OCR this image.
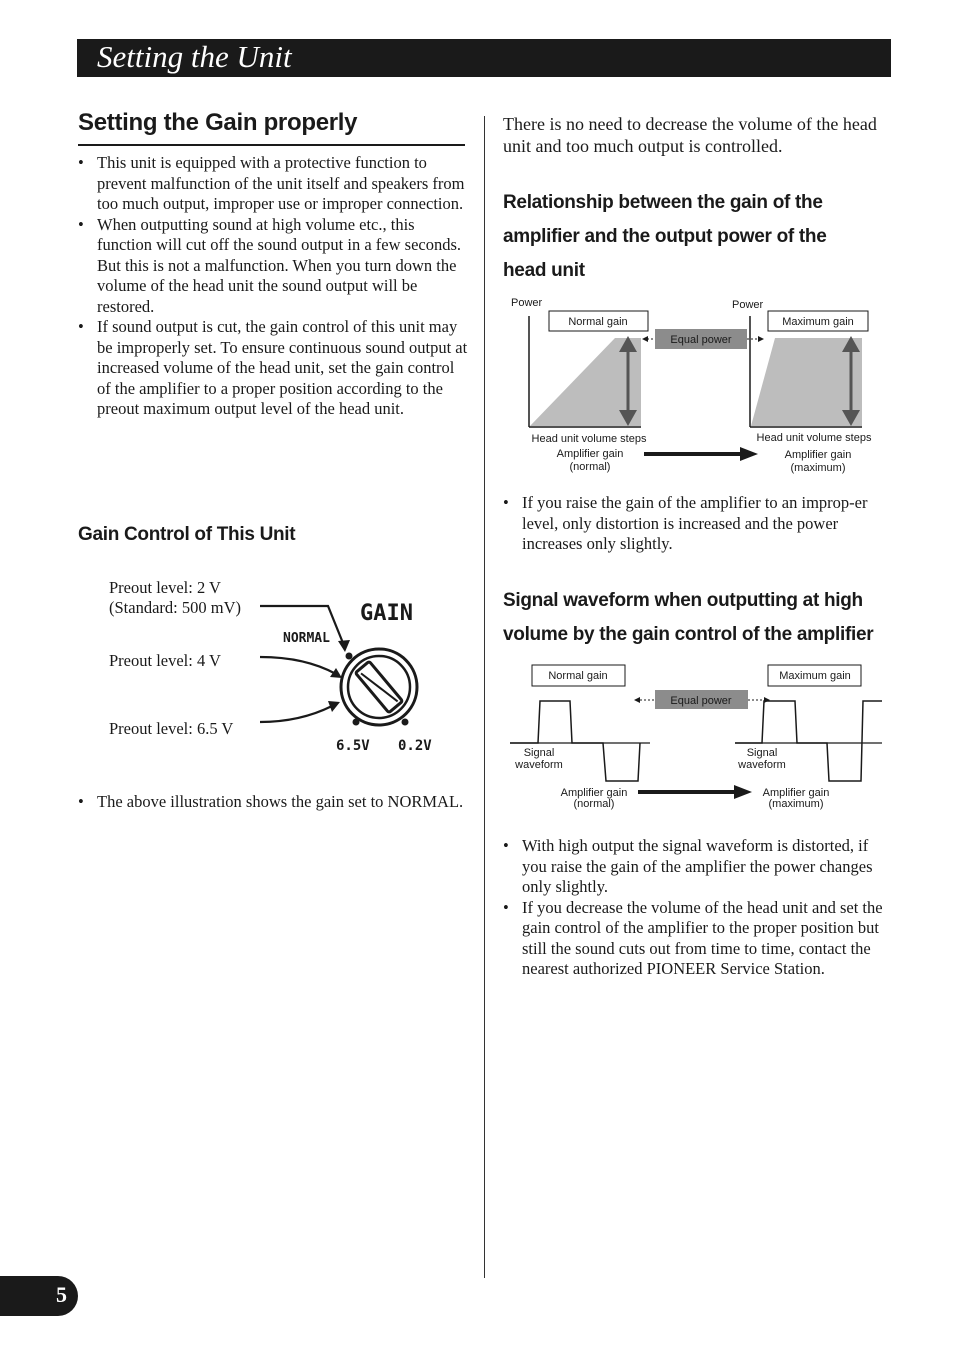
Setting the Unit
Setting the Gain properly
• This unit is equipped with a protective function to prevent malfunction of the unit itself and speakers from too much output, improper use or improper connection.
• When outputting sound at high volume etc., this function will cut off the sound output in a few seconds. But this is not a malfunction. When you turn down the volume of the head unit the sound output will be restored.
• If sound output is cut, the gain control of this unit may be improperly set. To ensure continuous sound output at increased volume of the head unit, set the gain control of the amplifier to a proper position according to the preout maximum output level of the head unit.
Gain Control of This Unit
Preout level: 2 V
(Standard: 500 mV)
Preout level: 4 V
Preout level: 6.5 V
GAIN
NORMAL
6.5V 0.2V
• The above illustration shows the gain set to NORMAL.
There is no need to decrease the volume of the head unit and too much output is controlled.
Relationship between the gain of the
amplifier and the output power of the
head unit
Power
Normal gain
Head unit volume steps
Equal power
Power
Maximum gain
Head unit volume steps
Amplifier gain
(normal)
Amplifier gain
(maximum)
• If you raise the gain of the amplifier to an improp-er level, only distortion is increased and the power increases only slightly.
Signal waveform when outputting at high
volume by the gain control of the amplifier
Normal gain	Maximum gain
Equal power
Signal
waveform
Signal
waveform
Amplifier gain
(normal)
Amplifier gain
(maximum)
• With high output the signal waveform is distorted, if you raise the gain of the amplifier the power changes only slightly.
• If you decrease the volume of the head unit and set the gain control of the amplifier to the proper position but still the sound cuts out from time to time, contact the nearest authorized PIONEER Service Station.
5
